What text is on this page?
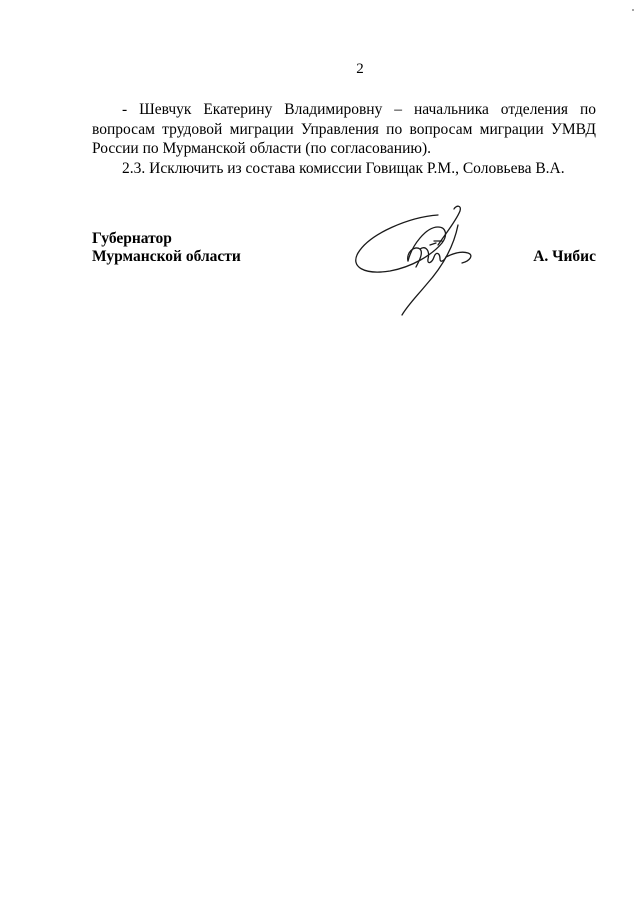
2

- Шевчук Екатерину Владимировну – начальника отделения по вопросам трудовой миграции Управления по вопросам миграции УМВД России по Мурманской области (по согласованию).

2.3. Исключить из состава комиссии Говищак Р.М., Соловьева В.А.

Губернатор
Мурманской области	А. Чибис
